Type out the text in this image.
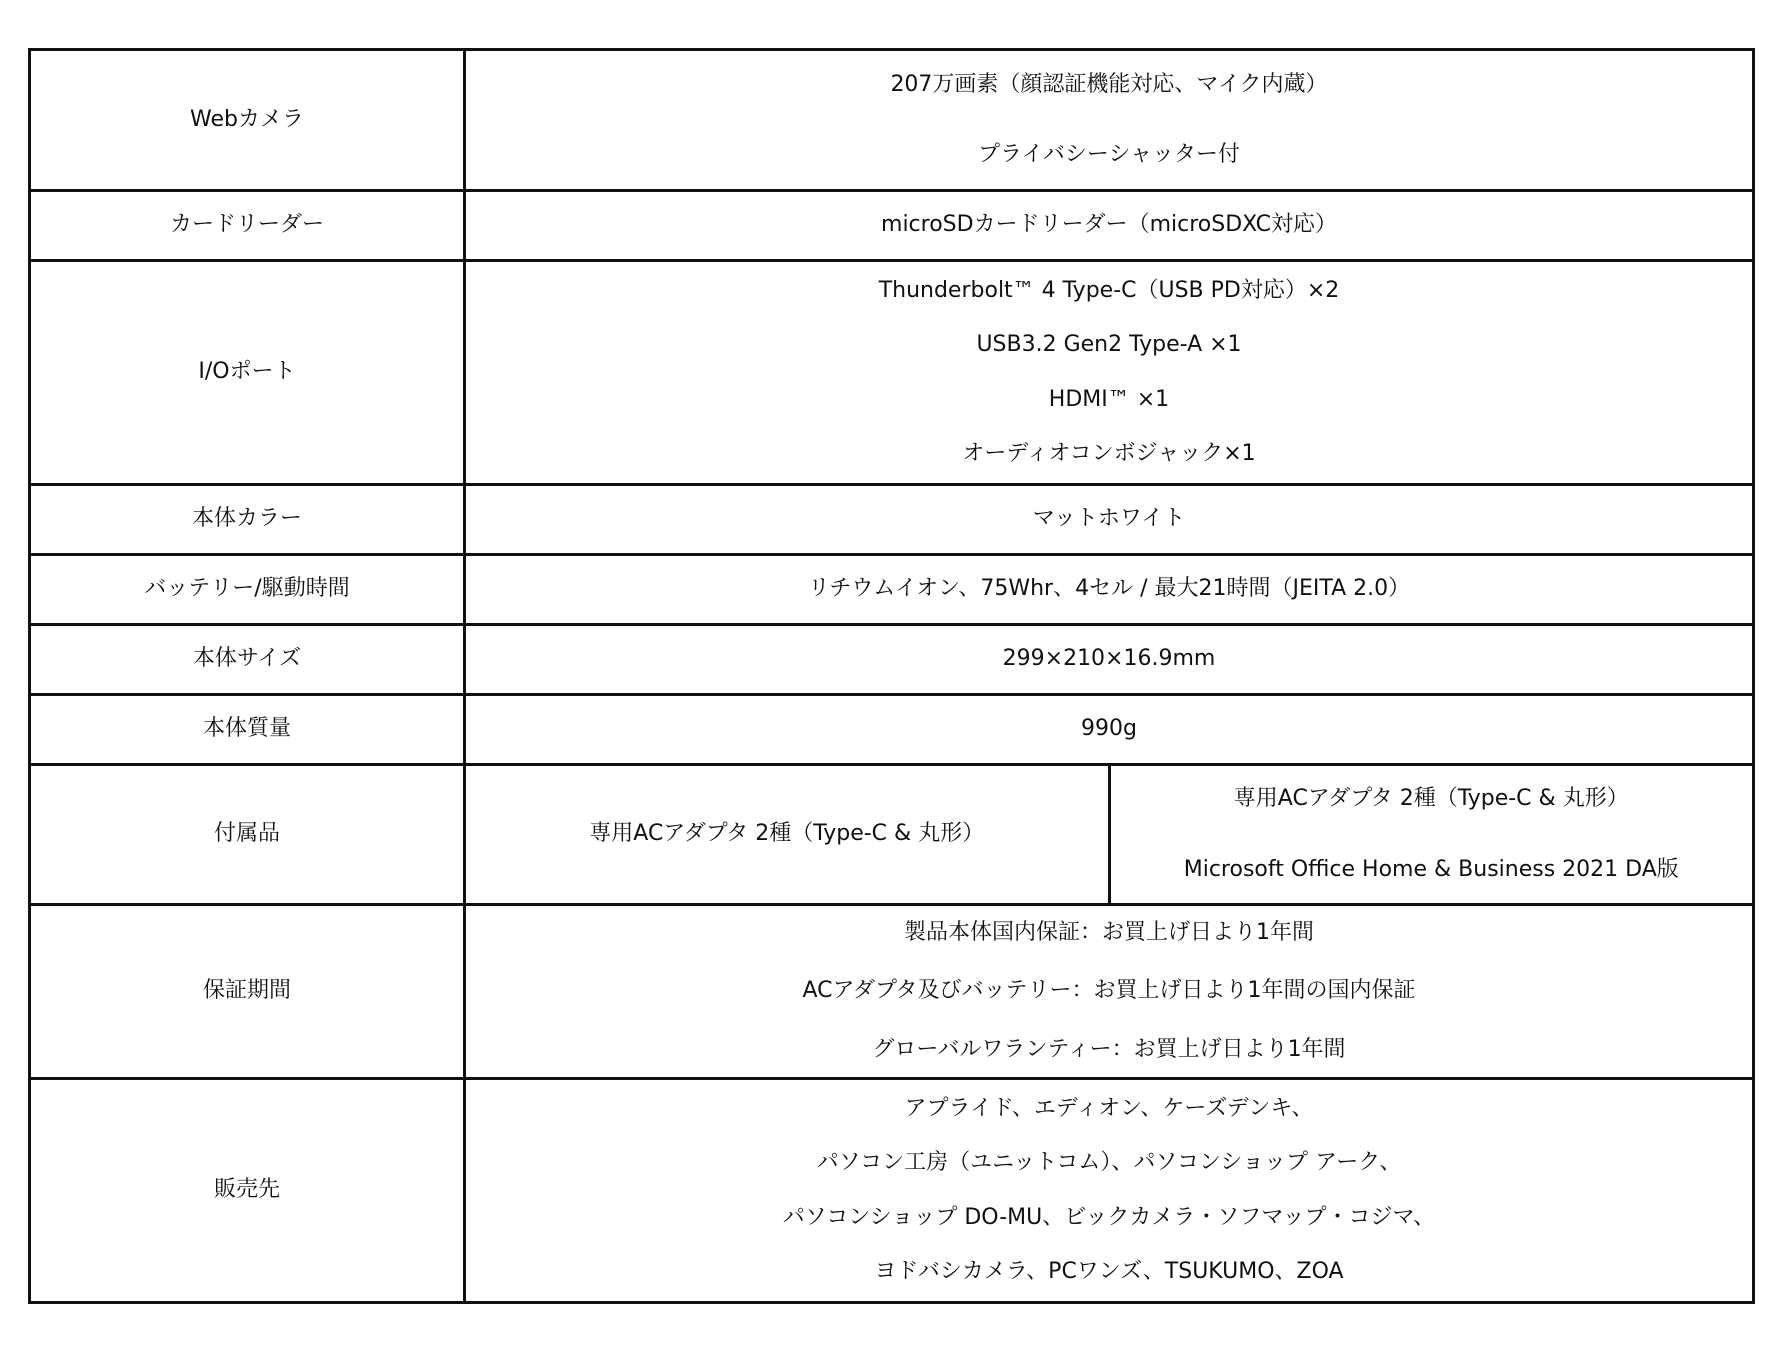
Webカメラ	207万画素（顔認証機能対応、マイク内蔵）
プライバシーシャッター付	

カードリーダー	microSDカードリーダー（microSDXC対応）	

I/Oポート	Thunderbolt™ 4 Type-C（USB PD対応）×2
USB3.2 Gen2 Type-A ×1
HDMI™ ×1
オーディオコンボジャック×1	

本体カラー	マットホワイト	

バッテリー/駆動時間	リチウムイオン、75Whr、4セル / 最大21時間（JEITA 2.0）	

本体サイズ	299×210×16.9mm	

本体質量	990g	

付属品	専用ACアダプタ 2種（Type-C & 丸形）	専用ACアダプタ 2種（Type-C & 丸形）
Microsoft Office Home & Business 2021 DA版

保証期間	製品本体国内保証：お買上げ日より1年間
ACアダプタ及びバッテリー：お買上げ日より1年間の国内保証
グローバルワランティー：お買上げ日より1年間	

販売先	アプライド、エディオン、ケーズデンキ、
パソコン工房（ユニットコム）、パソコンショップ アーク、
パソコンショップ DO-MU、ビックカメラ・ソフマップ・コジマ、
ヨドバシカメラ、PCワンズ、TSUKUMO、ZOA	
